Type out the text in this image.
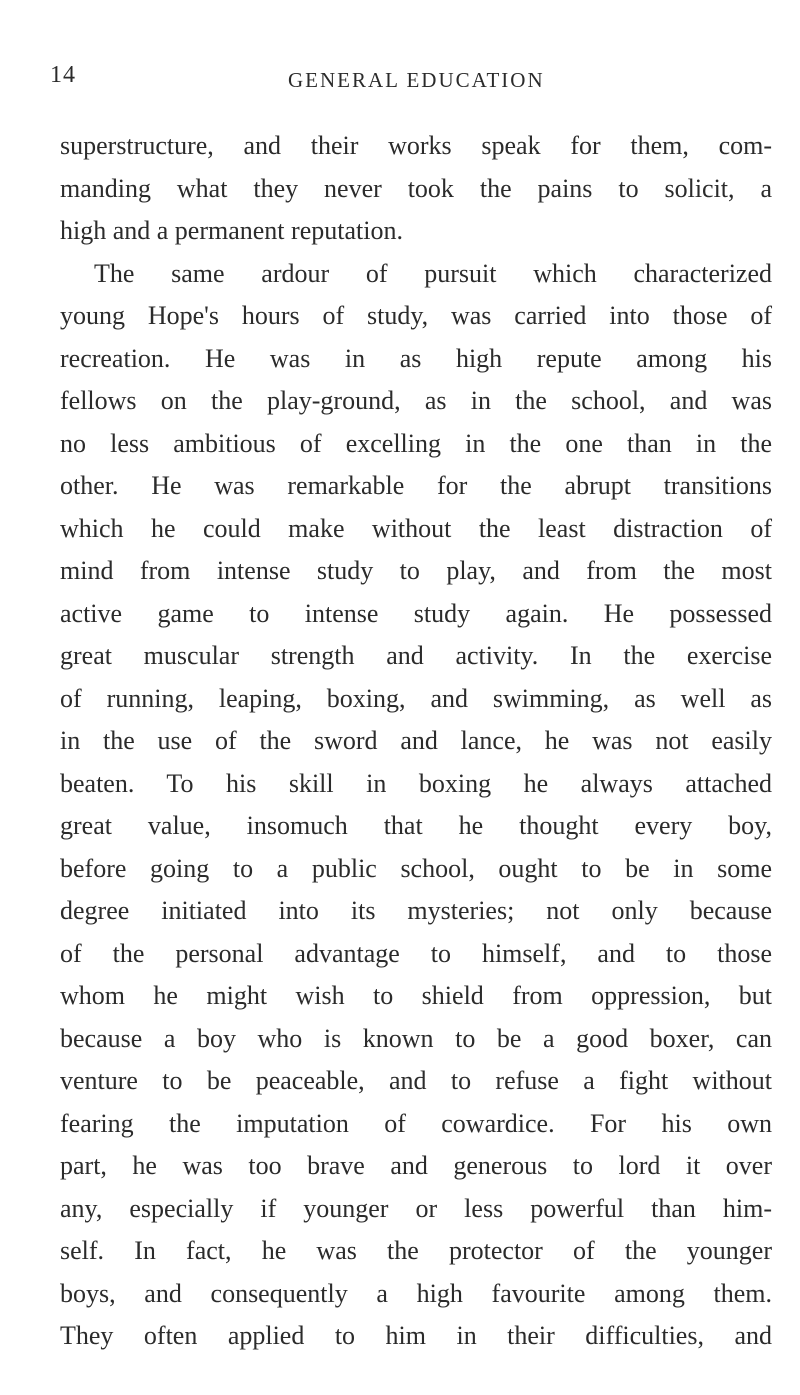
14	GENERAL EDUCATION
superstructure, and their works speak for them, com-
manding what they never took the pains to solicit, a
high and a permanent reputation.
The same ardour of pursuit which characterized
young Hope's hours of study, was carried into those of
recreation. He was in as high repute among his
fellows on the play-ground, as in the school, and was
no less ambitious of excelling in the one than in the
other. He was remarkable for the abrupt transitions
which he could make without the least distraction of
mind from intense study to play, and from the most
active game to intense study again. He possessed
great muscular strength and activity. In the exercise
of running, leaping, boxing, and swimming, as well as
in the use of the sword and lance, he was not easily
beaten. To his skill in boxing he always attached
great value, insomuch that he thought every boy,
before going to a public school, ought to be in some
degree initiated into its mysteries; not only because
of the personal advantage to himself, and to those
whom he might wish to shield from oppression, but
because a boy who is known to be a good boxer, can
venture to be peaceable, and to refuse a fight without
fearing the imputation of cowardice. For his own
part, he was too brave and generous to lord it over
any, especially if younger or less powerful than him-
self. In fact, he was the protector of the younger
boys, and consequently a high favourite among them.
They often applied to him in their difficulties, and
